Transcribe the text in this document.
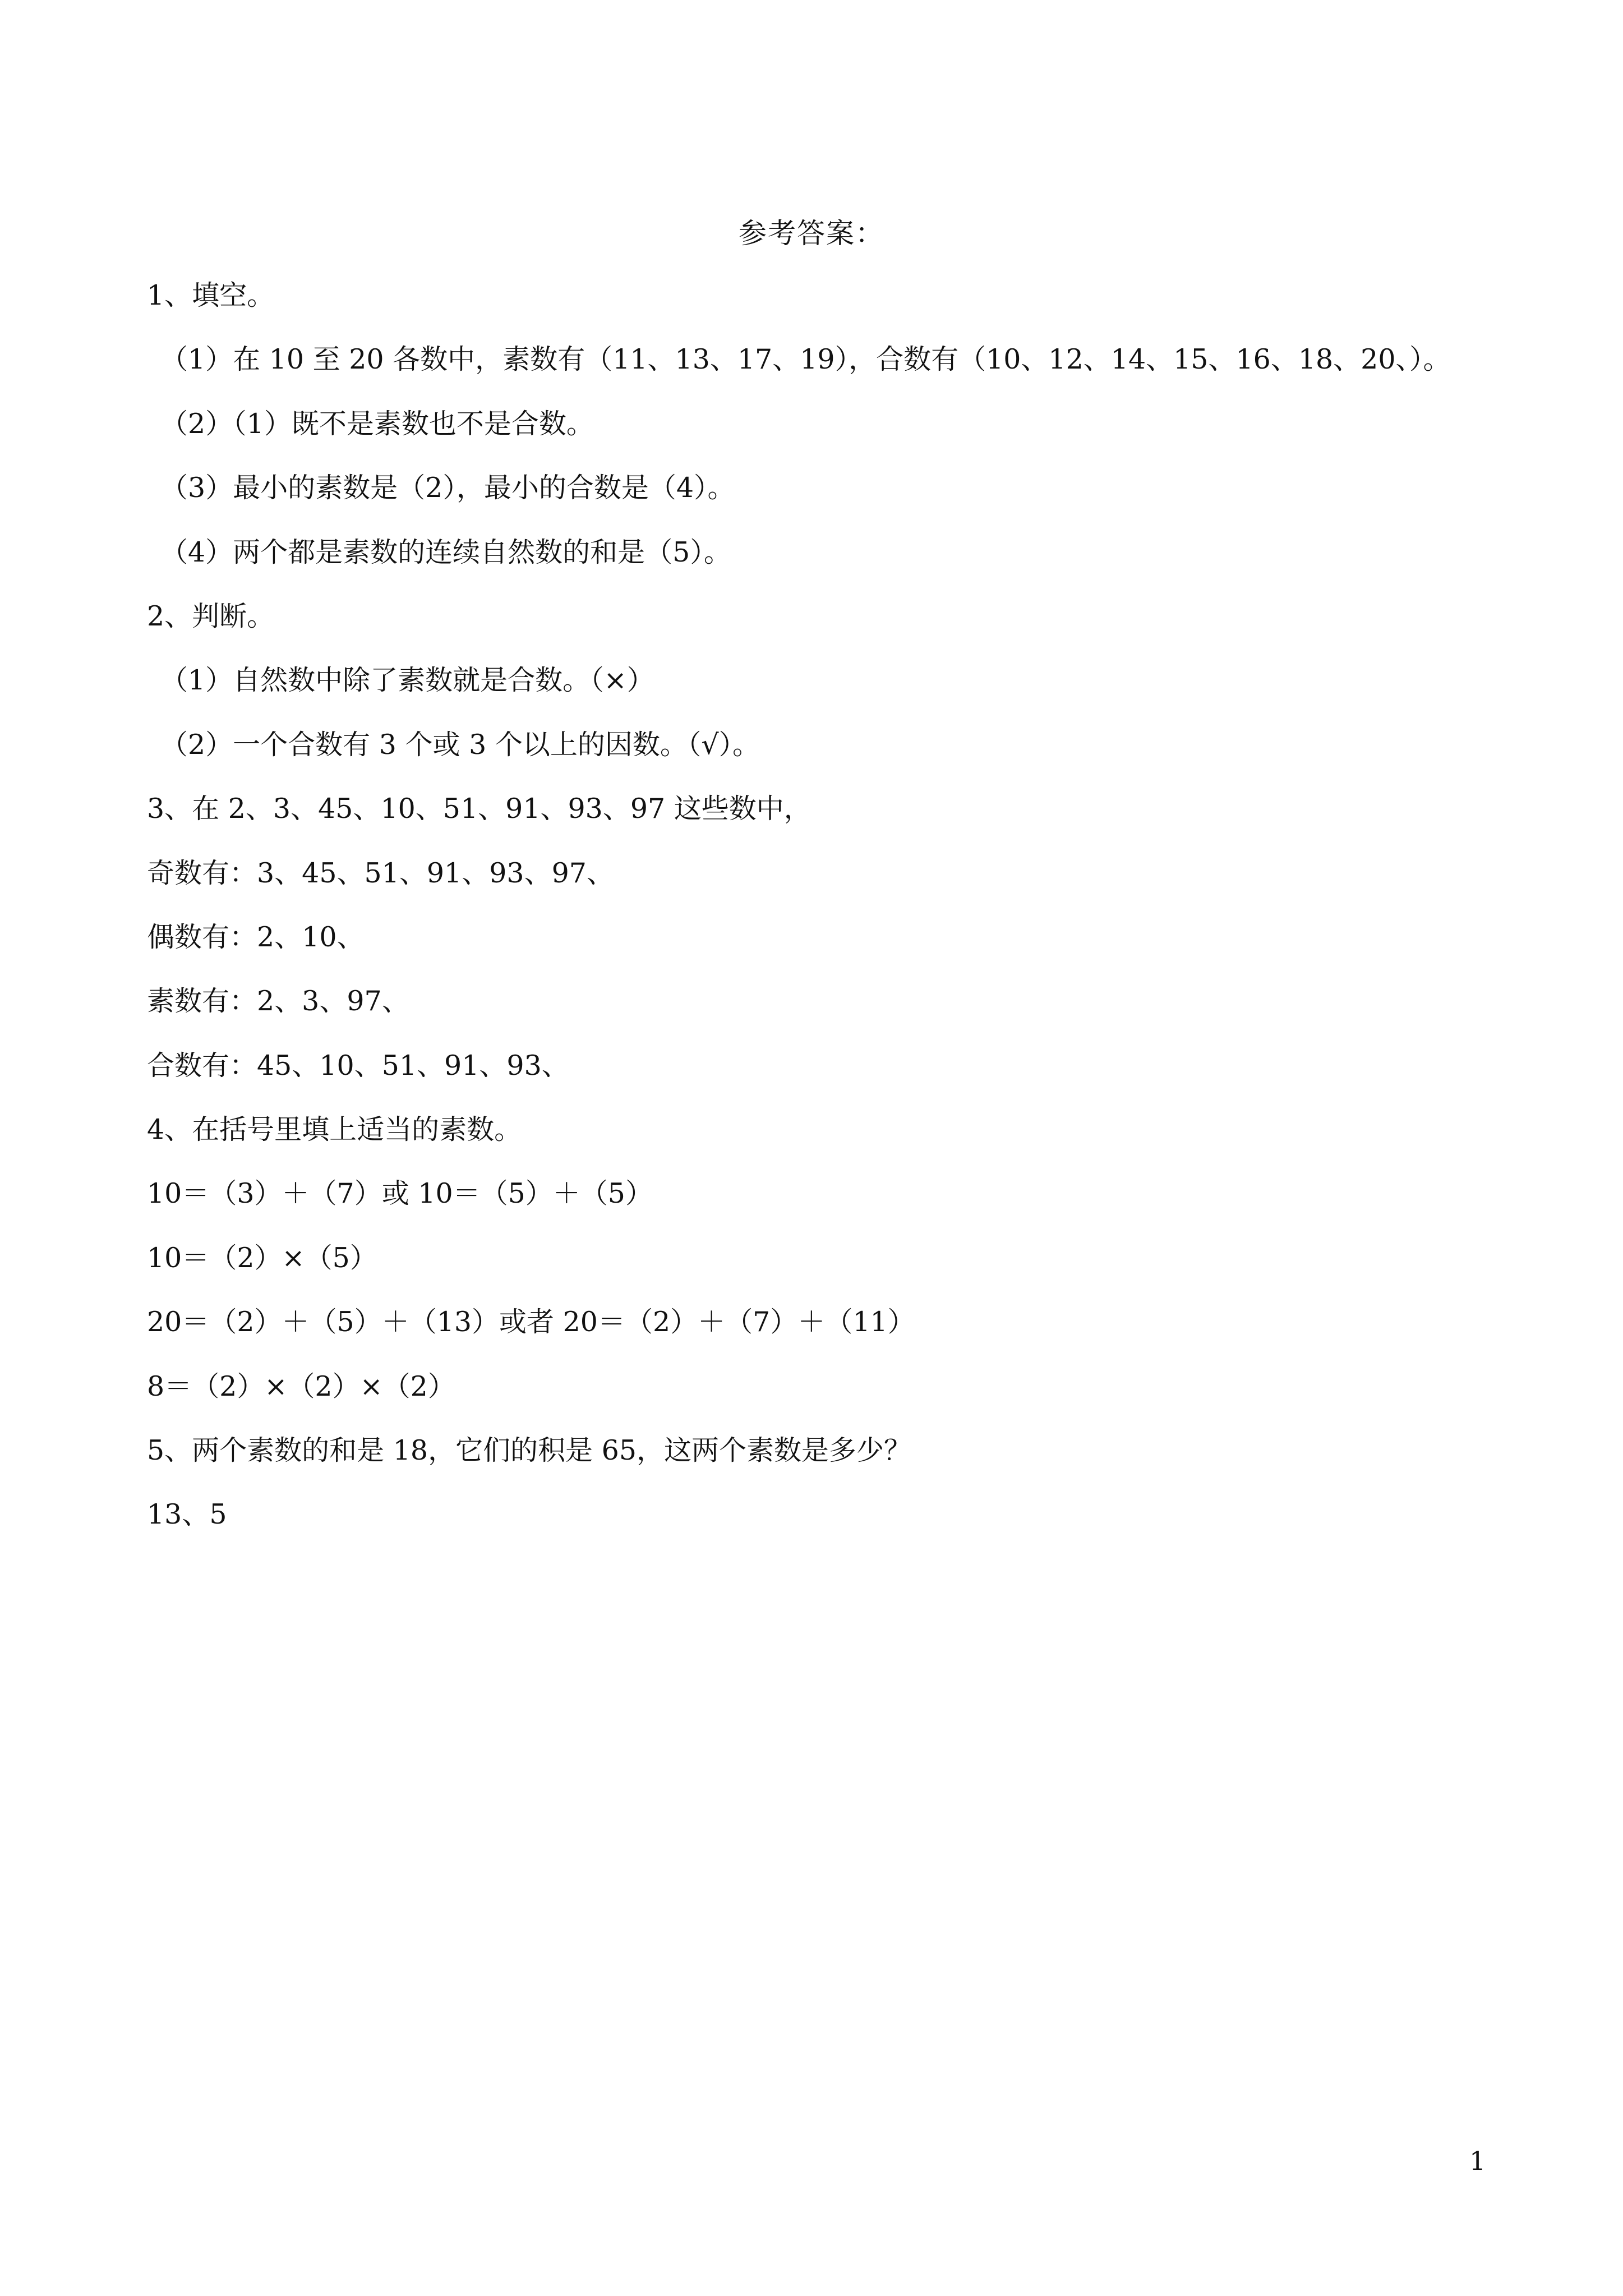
参考答案：
1、填空。
（1）在 10 至 20 各数中，素数有（11、13、17、19），合数有（10、12、14、15、16、18、20、）。
（2）（1）既不是素数也不是合数。
（3）最小的素数是（2），最小的合数是（4）。
（4）两个都是素数的连续自然数的和是（5）。
2、判断。
（1）自然数中除了素数就是合数。（×）
（2）一个合数有 3 个或 3 个以上的因数。（√）。
3、在 2、3、45、10、51、91、93、97 这些数中，
奇数有：3、45、51、91、93、97、
偶数有：2、10、
素数有：2、3、97、
合数有：45、10、51、91、93、
4、在括号里填上适当的素数。
10＝（3）＋（7）或 10＝（5）＋（5）
10＝（2）×（5）
20＝（2）＋（5）＋（13）或者 20＝（2）＋（7）＋（11）
8＝（2）×（2）×（2）
5、两个素数的和是 18，它们的积是 65，这两个素数是多少？
13、5
1
